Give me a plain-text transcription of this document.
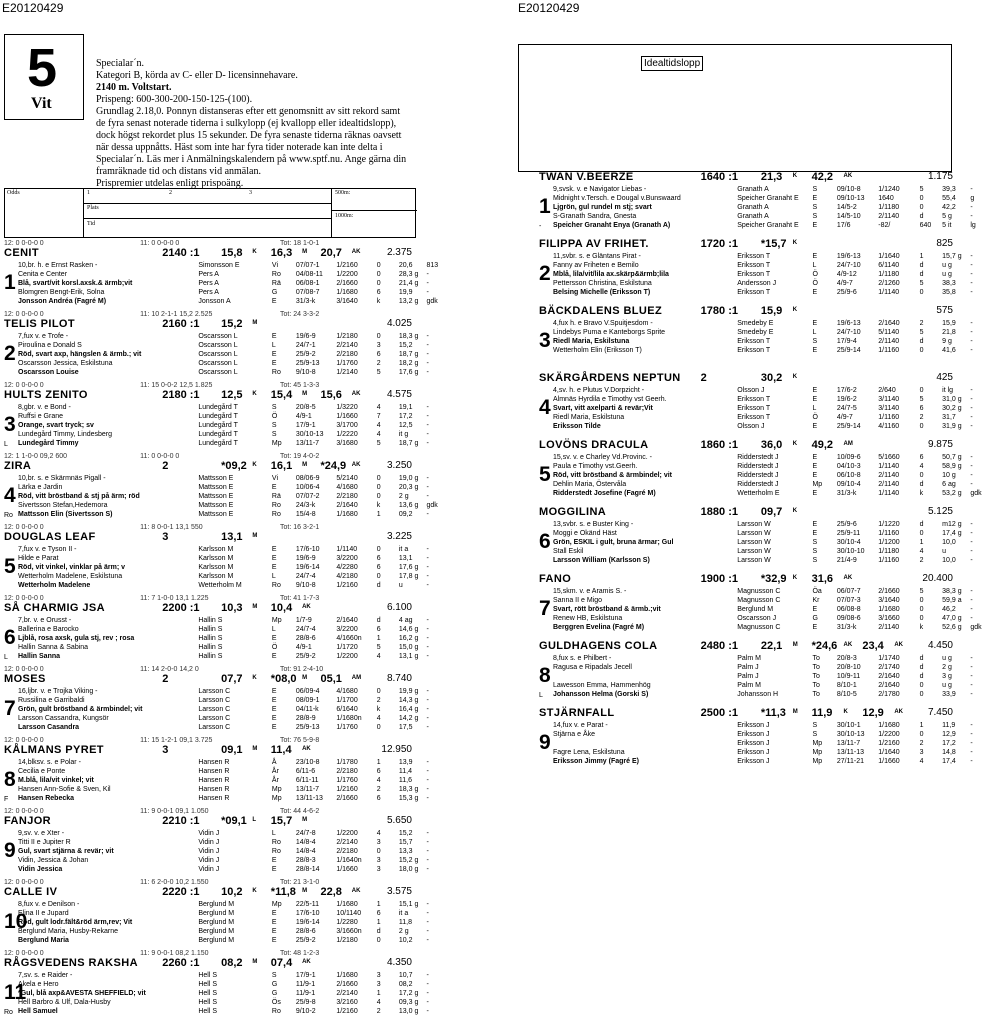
E20120429	E20120429
5
Vit
Specialar´n.
Kategori B, körda av C- eller D- licensinnehavare.
2140 m. Voltstart.
Prispeng: 600-300-200-150-125-(100).
Grundlag 2.18,0. Ponnyn distanseras efter ett genomsnitt av sitt rekord samt de fyra senast noterade tiderna i sulkylopp (ej kvallopp eller idealtidslopp), dock högst rekordet plus 15 sekunder. De fyra senaste tiderna räknas oavsett när dessa uppnåtts. Häst som inte har fyra tider noterade kan inte delta i Specialar´n. Läs mer i Anmälningskalendern på www.sptf.nu. Ange gärna din framräknade tid och distans vid anmälan.
Prispremier utdelas enligt prispoäng.
Odds	1	2	3	500m:
Plats
1000m:
Tid
Idealtidslopp
12: 0 0-0-0 0	11: 0 0-0-0 0	Tot: 18 1-0-1
CENIT	2140 :1 15,8 K 16,3 M 20,7 AK	2.375
1
10,br. h. e Ernst Rasken -	Simonsson E	Vi	07/07-1 1/2160	0	20,6 813
Cenita e Center	Pers A	Ro 04/08-11 1/2200	0	28,3 g -
Blå, svart/vit korsl.axsk.& ärmb;vit	Pers A	Rä 06/08-1 2/1660	0	21,4 g -
Blomgren Bengt-Erik, Solna	Pers A	G	07/08-7 1/1680	6	19,9 -
Jonsson Andréa (Fagré M)	Jonsson A	E	31/3-k	3/1640	k	13,2 g gdk
12: 0 0-0-0 0	11: 10 2-1-1 15,2 2.525	Tot: 24 3-3-2
TELIS PILOT	2160 :1 15,2 M	4.025
2
7,fux v. e Trofe -	Oscarsson L	E	19/6-9	1/2180	0	18,3 g -
Piroulina e Donald S	Oscarsson L	L	24/7-1	2/2140	3	15,2 -
Röd, svart axp, hängslen & ärmb.; vit	Oscarsson L	E	25/9-2	2/2180	6	18,7 g -
Oscarsson Jessica, Eskilstuna	Oscarsson L	E	25/9-13 1/1760	2	18,2 g -
Oscarsson Louise	Oscarsson L	Ro 9/10-8	1/2140	5	17,6 g -
12: 0 0-0-0 0	11: 15 0-0-2 12,5 1.825	Tot: 45 1-3-3
HULTS ZENITO	2180 :1 12,5 K 15,4 M 15,6 AK	4.575
3
8,gbr. v. e Bond -	Lundegård T	S	20/8-5	1/3220	4	19,1 -
Ruffsi e Grane	Lundegård T	Ö	4/9-1	1/1660	7	17,2 -
Orange, svart tryck; sv	Lundegård T	S	17/9-1	3/1700	4	12,5 -
Lundegård Timmy, Lindesberg	Lundegård T	S	30/10-13 1/2220	4	it g	-
Lundegård Timmy	Lundegård T	Mp 13/11-7 3/1680	5	18,7 g -
L
12: 1 1-0-0 09,2 600	11: 0 0-0-0 0	Tot: 19 4-0-2
ZIRA	2	*09,2 K 16,1 M *24,9 AK	3.250
4
10,br. s. e Skärmnäs Pigall -	Mattsson E	Vi	08/06-9 5/2140	0	19,0 g -
Lärka e Jardin	Mattsson E	E	10/06-4 4/1680	0	20,3 g -
Röd, vitt bröstband & stj på ärm; röd	Mattsson E	Rä 07/07-2 2/2180	0	2 g	-
Sivertsson Stefan,Hedemora	Mattsson E	Ro 24/3-k	2/1640	k	13,6 g gdk
Mattsson Elin (Sivertsson S)	Mattsson E	Ro 15/4-8	1/1680	1	09,2 -
Ro
12: 0 0-0-0 0	11: 8 0-0-1 13,1 550	Tot: 16 3-2-1
DOUGLAS LEAF	3	13,1 M	3.225
5
7,fux v. e Tyson II -	Karlsson M	E	17/6-10 1/1140	0	it a	-
Hilde e Parat	Karlsson M	E	19/6-9	3/2200	6	13,1 -
Röd, vit vinkel, vinklar på ärm; v	Karlsson M	E	19/6-14 4/2280	6	17,6 g -
Wetterholm Madelene, Eskilstuna	Karlsson M	L	24/7-4	4/2180	0	17,8 g -
Wetterholm Madelene	Wetterholm M	Ro 9/10-8	1/2160	d	u	-
12: 0 0-0-0 0	11: 7 1-0-0 13,1 1.225	Tot: 41 1-7-3
SÅ CHARMIG JSA	2200 :1 10,3 M 10,4 AK	6.100
6
7,br. v. e Orusst -	Hallin S	Mp 1/7-9	2/1640	d	4 ag -
Ballerina e Barocko	Hallin S	L	24/7-4	3/2200	6	14,6 g -
Ljblå, rosa axsk, gula stj, rev ; rosa	Hallin S	E	28/8-6	4/1660n 1	16,2 g -
Hallin Sanna & Sabina	Hallin S	Ö	4/9-1	1/1720	5	15,0 g -
Hallin Sanna	Hallin S	E	25/9-2	1/2200	4	13,1 g -
L
12: 0 0-0-0 0	11: 14 2-0-0 14,2 0	Tot: 91 2-4-10
MOSES	2	07,7 K *08,0 M 05,1 AM	8.740
7
16,ljbr. v. e Trojka Viking -	Larsson C	E	06/09-4 4/1680	0	19,9 g -
Russilina e Garribaldi	Larsson C	E	08/09-1 1/1700	2	14,3 g -
Grön, gult bröstband & ärmbindel; vit	Larsson C	E	04/11-k	6/1640	k	16,4 g -
Larsson Cassandra, Kungsör	Larsson C	E	28/8-9	1/1680n 4	14,2 g -
Larsson Casandra	Larsson C	E	25/9-13 1/1760	0	17,5 -
12: 0 0-0-0 0	11: 15 1-2-1 09,1 3.725	Tot: 76 5-9-8
KÅLMANS PYRET	3	09,1 M 11,4 AK	12.950
8
14,blksv. s. e Polar -	Hansen R	Å	23/10-8 1/1780	1	13,9 -
Cecilia e Ponte	Hansen R	År 6/11-6	2/2180	6	11,4 -
M.blå, lila/vit vinkel; vit	Hansen R	År 6/11-11	1/1760	4	11,6 -
Hansen Ann-Sofie & Sven, Kil	Hansen R	Mp 13/11-7 1/2160	2	18,3 g -
Hansen Rebecka	Hansen R	Mp 13/11-13 2/1660	6	15,3 g -
F
12: 0 0-0-0 0	11: 9 0-0-1 09,1 1.050	Tot: 44 4-6-2
FANJOR	2210 :1 *09,1 L 15,7 M	5.650
9
9,sv. v. e Xter -	Vidin J	L	24/7-8	1/2200	4	15,2 -
Titti II e Jupiter R	Vidin J	Ro 14/8-4	2/2140	3	15,7 -
Gul, svart stjärna & revär; vit	Vidin J	Ro 14/8-4	2/2180	0	13,3 -
Vidin, Jessica & Johan	Vidin J	E	28/8-3	1/1640n 3	15,2 g -
Vidin Jessica	Vidin J	E	28/8-14 1/1660	3	18,0 g -
12: 0 0-0-0 0	11: 6 2-0-0 10,2 1.550	Tot: 21 3-1-0
CALLE IV	2220 :1 10,2 K *11,8 M 22,8 AK	3.575
10
8,fux v. e Denilson -	Berglund M	Mp 22/5-11 1/1680	1	15,1 g -
Elina II e Jupard	Berglund M	E	17/6-10 10/1140 6	it a	-
Röd, gult lodr.fält&röd ärm,rev; Vit	Berglund M	E	19/6-14 1/2280	1	11,8 -
Berglund Maria, Husby-Rekarne	Berglund M	E	28/8-6	3/1660n d	2 g	-
Berglund Maria	Berglund M	E	25/9-2	1/2180	0	10,2 -
12: 0 0-0-0 0	11: 9 0-0-1 08,2 1.150	Tot: 48 1-2-3
RÅGSVEDENS RAKSHA 2260 :1 08,2 M 07,4 AK	4.350
11
7,sv. s. e Raider -	Hell S	S	17/9-1	1/1680	3	10,7 -
Akela e Hero	Hell S	G	11/9-1	2/1660	3	08,2 -
*Gul, blå axp&AVESTA SHEFFIELD; vit	Hell S	G	11/9-1	2/2140	1	17,2 g -
Hell Barbro & Ulf, Dala-Husby	Hell S	Ös 25/9-8	3/2160	4	09,3 g -
Hell Samuel	Hell S	Ro 9/10-2	1/2160	2	13,0 g -
Ro
TWAN V.BEERZE	1640 :1 21,3 K 42,2 AK	1.175
1
9,svsk. v. e Navigator Liebas -	Granath A	S	09/10-8	1/1240	5	39,3 -
Midnight v.Tersch. e Dougal v.Bunswaard	Speicher Granaht E E	09/10-13 1640	0	55,4 g
Ljgrön, gul rundel m stj; svart	Granath A	S	14/5-2	1/1180	0	42,2 -
S-Granath Sandra, Gnesta	Granath A	S	14/5-10	2/1140	d	5 g	-
Speicher Granaht Enya (Granath A)	Speicher Granaht E E	17/6	-82/	640 5 it	lg
-
FILIPPA AV FRIHET.	1720 :1 *15,7 K	825
2
11,svbr. s. e Gläntans Pirat -	Eriksson T	E	19/6-13	1/1640	1	15,7 g -
Fanny av Friheten e Bemilo	Eriksson T	L	24/7-10	6/1140	d	u g	-
Mblå, lila/vit/lila ax.skärp&ärmb;lila	Eriksson T	Ö	4/9-12	1/1180	d	u g	-
Pettersson Christina, Eskilstuna	Andersson J	Ö	4/9-7	2/1260	5	38,3 -
Belsing Michelle (Eriksson T)	Eriksson T	E	25/9-6	1/1140	0	35,8 -
BÄCKDALENS BLUEZ	1780 :1 15,9 K	575
3
4,fux h. e Bravo V.Spuitjesdom -	Smedeby E	E	19/6-13	2/1640	2	15,9 -
Lindebys Puma e Kanteborgs Sprite	Smedeby E	L	24/7-10	5/1140	5	21,8 -
Riedl Maria, Eskilstuna	Eriksson T	S	17/9-4	2/1140	d	9 g	-
Wetterholm Elin (Eriksson T)	Eriksson T	E	25/9-14	1/1160	0	41,6 -
SKÄRGÅRDENS NEPTUN 2	30,2 K	425
4
4,sv. h. e Plutus V.Dorpzicht -	Olsson J	E	17/6-2	2/640	0	it lg -
Almnäs Hyrdila e Timothy vst Geerh.	Eriksson T	E	19/6-2	3/1140	5	31,0 g -
Svart, vitt axelparti & revär;Vit	Eriksson T	L	24/7-5	3/1140	6	30,2 g -
Riedl Maria, Eskilstuna	Eriksson T	Ö	4/9-7	1/1160	2	31,7 -
Eriksson Tilde	Olsson J	E	25/9-14	4/1160	0	31,9 g -
LOVÖNS DRACULA	1860 :1 36,0 K 49,2 AM	9.875
5
15,sv. v. e Charley Vd.Provinc. -	Ridderstedt J	E	10/09-6	5/1660	6	50,7 g -
Paula e Timothy vst.Geerh.	Ridderstedt J	E	04/10-3	1/1140	4	58,9 g -
Röd, vitt bröstband & ärmbindel; vit	Ridderstedt J	E	06/10-8	2/1140	0	10 g -
Dehlin Maria, Östervåla	Ridderstedt J	Mp 09/10-4	2/1140	d	6 ag -
Ridderstedt Josefine (Fagré M)	Wetterholm E	E	31/3-k	1/1140	k	53,2 g gdk
MOGGILINA	1880 :1 09,7 K	5.125
6
13,svbr. s. e Buster King -	Larsson W	E	25/9-6	1/1220	d	m12 g -
Moggi e Okänd Häst	Larsson W	E	25/9-11	1/1160	0	17,4 g -
Grön, ESKIL i gult, bruna ärmar; Gul	Larsson W	S	30/10-4	1/1200	1	10,0 -
Stall Eskil	Larsson W	S	30/10-10 1/1180	4	u	-
Larsson William (Karlsson S)	Larsson W	S	21/4-9	1/1160	2	10,0 -
FANO	1900 :1 *32,9 K 31,6 AK	20.400
7
15,skm. v. e Aramis S. -	Magnusson C	Öa 06/07-7	2/1660	5	38,3 g -
Sanna II e Migo	Magnusson C	Kr 07/07-3	3/1640	0	59,9 a -
Svart, rött bröstband & ärmb.;vit	Berglund M	E	06/08-8	1/1680	0	46,2 -
Renew HB, Eskilstuna	Oscarsson J	G	09/08-6	3/1660	0	47,0 g -
Berggren Evelina (Fagré M)	Magnusson C	E	31/3-k	2/1140	k	52,6 g gdk
GULDHAGENS COLA	2480 :1 22,1 M *24,6 AK 23,4 AK 4.450
8
8,fux s. e Philbert -	Palm M	To 20/8-3	1/1740	d	u g	-
Ragusa e Ripadals Jecell	Palm J	To 20/8-10	2/1740	d	2 g	-
Palm J	To 10/9-11	2/1640	d	3 g	-
Lawesson Emma, Hammenhög	Palm M	To 8/10-1	2/1640	0	u g	-
Johansson Helma (Gorski S)	Johansson H	To 8/10-5	2/1780	0	33,9 -
L
STJÄRNFALL	2500 :1 *11,3 M 11,9 K 12,9 AK 7.450
9
14,fux v. e Parat -	Eriksson J	S	30/10-1	1/1680	1	11,9 -
Stjärna e Åke	Eriksson J	S	30/10-13 1/2200	0	12,9 -
Eriksson J	Mp 13/11-7	1/2160	2	17,2 -
Fagre Lena, Eskilstuna	Eriksson J	Mp 13/11-13 1/1640	3	14,8 -
Eriksson Jimmy (Fagré E)	Eriksson J	Mp 27/11-21 1/1660	4	17,4 -
